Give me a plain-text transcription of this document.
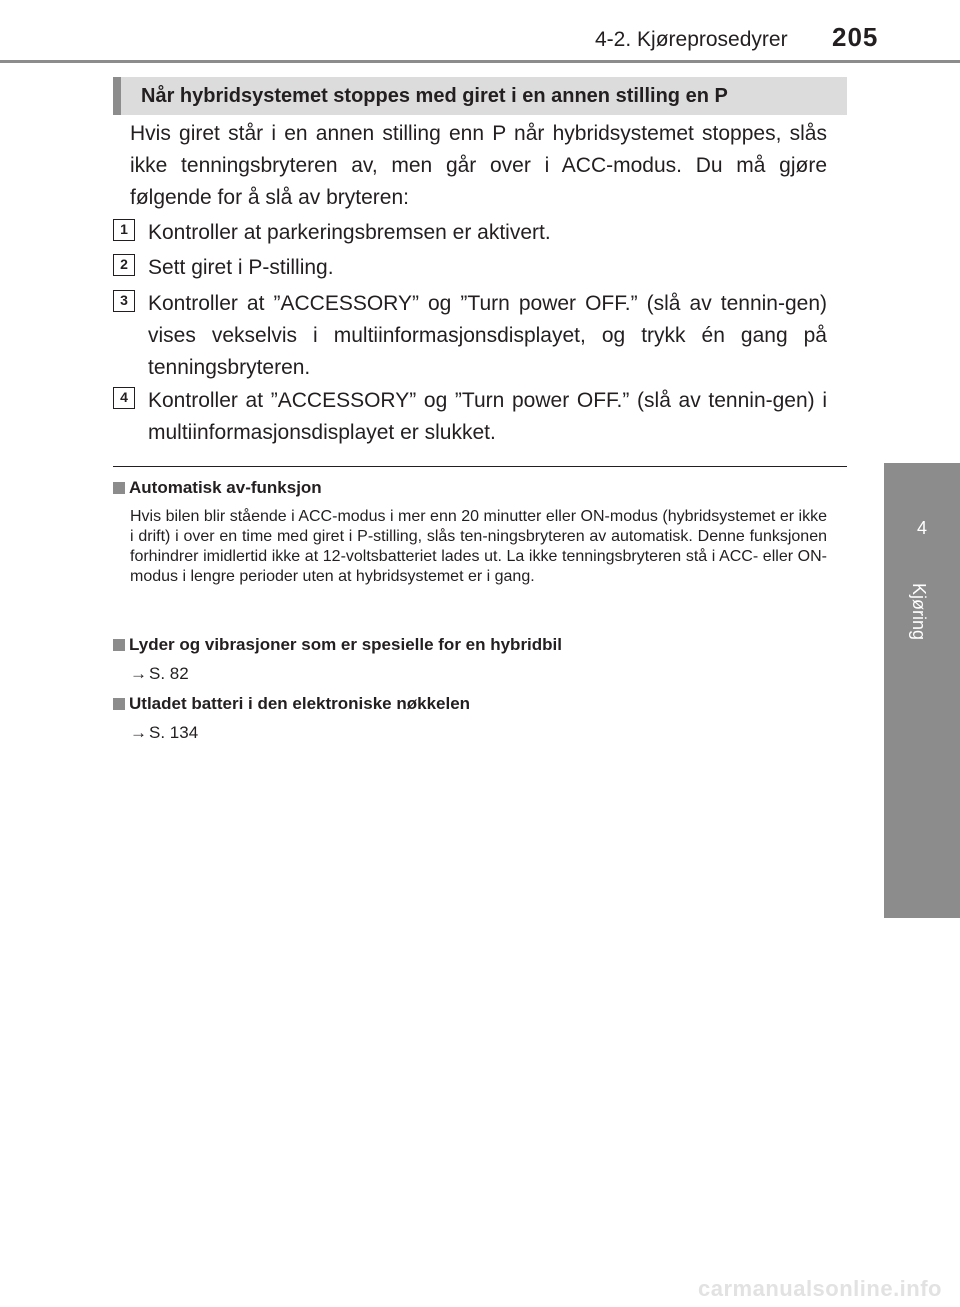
4-2. Kjøreprosedyrer 205
4
Kjøring
Når hybridsystemet stoppes med giret i en annen stilling en P
Hvis giret står i en annen stilling enn P når hybridsystemet stoppes, slås ikke tenningsbryteren av, men går over i ACC-modus. Du må gjøre følgende for å slå av bryteren:
1 Kontroller at parkeringsbremsen er aktivert.
2 Sett giret i P-stilling.
3 Kontroller at ”ACCESSORY” og ”Turn power OFF.” (slå av tennin-gen) vises vekselvis i multiinformasjonsdisplayet, og trykk én gang på tenningsbryteren.
4 Kontroller at ”ACCESSORY” og ”Turn power OFF.” (slå av tennin-gen) i multiinformasjonsdisplayet er slukket.
Automatisk av-funksjon
Hvis bilen blir stående i ACC-modus i mer enn 20 minutter eller ON-modus (hybridsystemet er ikke i drift) i over en time med giret i P-stilling, slås ten-ningsbryteren av automatisk. Denne funksjonen forhindrer imidlertid ikke at 12-voltsbatteriet lades ut. La ikke tenningsbryteren stå i ACC- eller ON-modus i lengre perioder uten at hybridsystemet er i gang.
Lyder og vibrasjoner som er spesielle for en hybridbil
→ S. 82
Utladet batteri i den elektroniske nøkkelen
→ S. 134
carmanualsonline.info
